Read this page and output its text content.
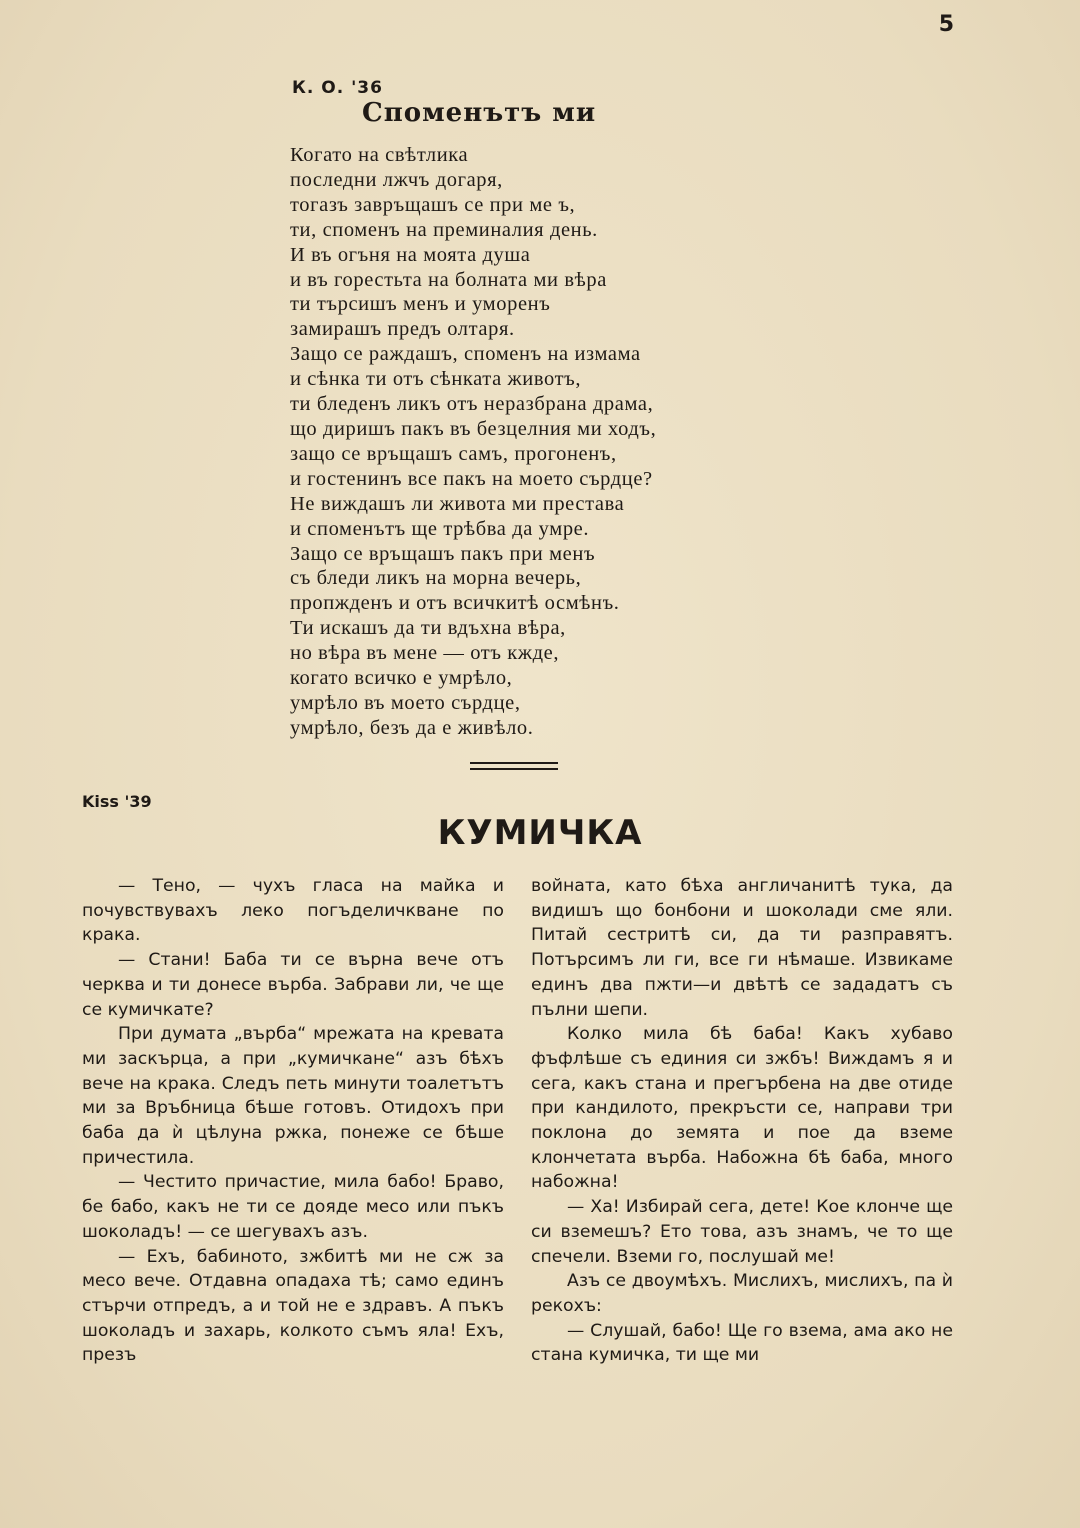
5
К. О. '36
Споменътъ ми
Когато на свѣтлика
последни лжчъ догаря,
тогазъ завръщашъ се при ме ъ,
ти, споменъ на преминалия день.
И въ огъня на моята душа
и въ горестьта на болната ми вѣра
ти търсишъ менъ и уморенъ
замирашъ предъ олтаря.
Защо се раждашъ, споменъ на измама
и сѣнка ти отъ сѣнката животъ,
ти бледенъ ликъ отъ неразбрана драма,
що диришъ пакъ въ безцелния ми ходъ,
защо се връщашъ самъ, прогоненъ,
и гостенинъ все пакъ на моето сърдце?
Не виждашъ ли живота ми престава
и споменътъ ще трѣбва да умре.
Защо се връщашъ пакъ при менъ
съ бледи ликъ на морна вечерь,
пропжденъ и отъ всичкитѣ осмѣнъ.
Ти искашъ да ти вдъхна вѣра,
но вѣра въ мене — отъ кжде,
когато всичко е умрѣло,
умрѣло въ моето сърдце,
умрѣло, безъ да е живѣло.
Kiss '39
КУМИЧКА

— Тено, — чухъ гласа на майка и почувствувахъ леко погъделичкване по крака.

— Стани! Баба ти се върна вече отъ черква и ти донесе върба. Забрави ли, че ще се кумичкате?

При думата „върба“ мрежата на кревата ми заскърца, а при „кумичкане“ азъ бѣхъ вече на крака. Следъ петь минути тоалетътъ ми за Връбница бѣше готовъ. Отидохъ при баба да ѝ цѣлуна ржка, понеже се бѣше причестила.

— Честито причастие, мила бабо! Браво, бе бабо, какъ не ти се дояде месо или пъкъ шоколадъ! — се шегувахъ азъ.

— Ехъ, бабиното, зжбитѣ ми не сж за месо вече. Отдавна опадаха тѣ; само единъ стърчи отпредъ, а и той не е здравъ. А пъкъ шоколадъ и захарь, колкото съмъ яла! Ехъ, презъ

войната, като бѣха англичанитѣ тука, да видишъ що бонбони и шоколади сме яли. Питай сестритѣ си, да ти разправятъ. Потърсимъ ли ги, все ги нѣмаше. Извикаме единъ два пжти—и двѣтѣ се зададатъ съ пълни шепи.

Колко мила бѣ баба! Какъ хубаво фъфлѣше съ единия си зжбъ! Виждамъ я и сега, какъ стана и прегърбена на две отиде при кандилото, прекръсти се, направи три поклона до земята и пое да вземе клончетата върба. Набожна бѣ баба, много набожна!

— Ха! Избирай сега, дете! Кое клонче ще си вземешъ? Ето това, азъ знамъ, че то ще спечели. Вземи го, послушай ме!

Азъ се двоумѣхъ. Мислихъ, мислихъ, па ѝ рекохъ:

— Слушай, бабо! Ще го взема, ама ако не стана кумичка, ти ще ми
